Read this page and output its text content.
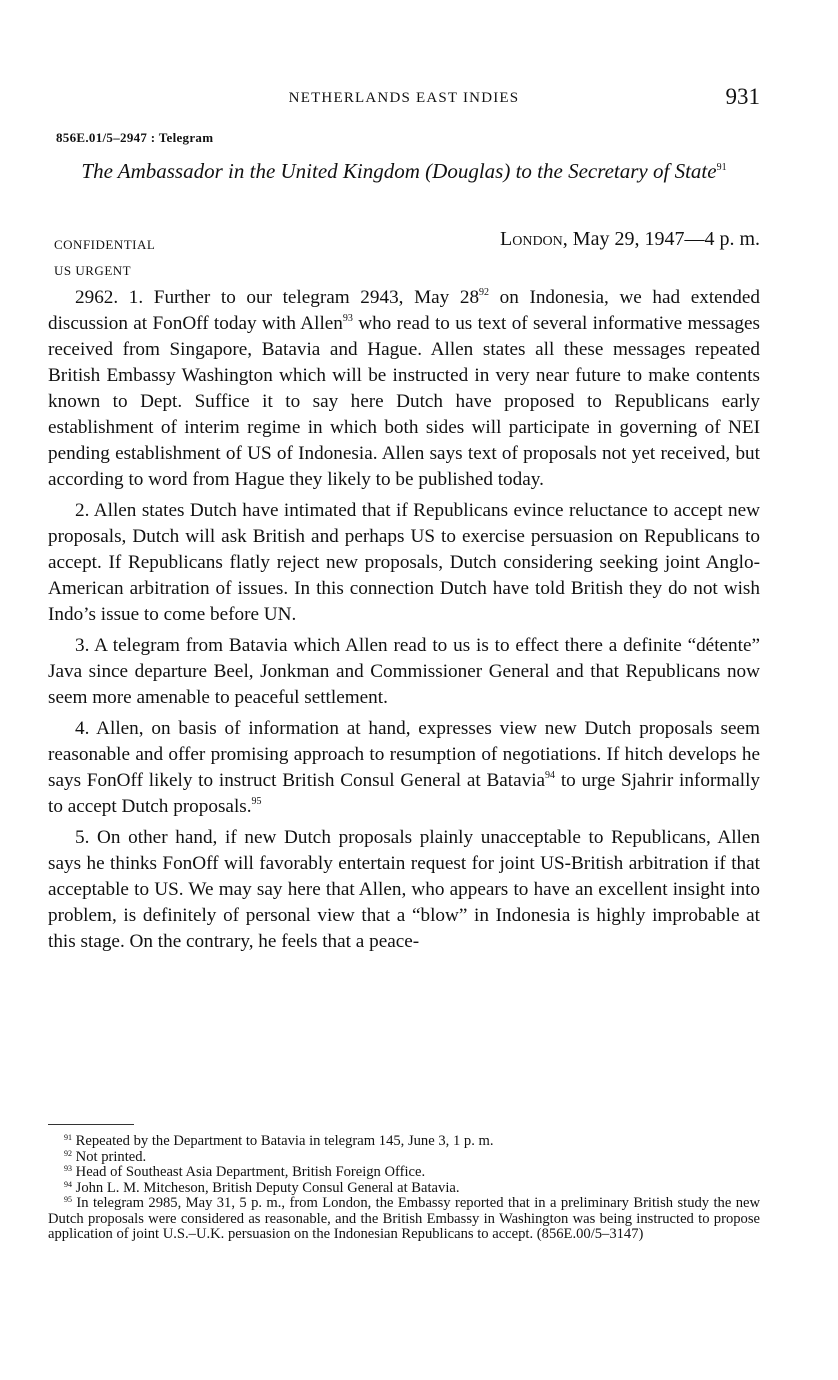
NETHERLANDS EAST INDIES	931
856E.01/5–2947 : Telegram
The Ambassador in the United Kingdom (Douglas) to the Secretary of State$^{91}$
CONFIDENTIAL
US URGENT
London, May 29, 1947—4 p. m.

2962. 1. Further to our telegram 2943, May $28^{92}$ on Indonesia, we had extended discussion at FonOff today with Allen$^{93}$ who read to us text of several informative messages received from Singapore, Batavia and Hague. Allen states all these messages repeated British Embassy Washington which will be instructed in very near future to make contents known to Dept. Suffice it to say here Dutch have proposed to Republicans early establishment of interim regime in which both sides will participate in governing of NEI pending establishment of US of Indonesia. Allen says text of proposals not yet received, but according to word from Hague they likely to be published today.

2. Allen states Dutch have intimated that if Republicans evince reluctance to accept new proposals, Dutch will ask British and perhaps US to exercise persuasion on Republicans to accept. If Republicans flatly reject new proposals, Dutch considering seeking joint Anglo-American arbitration of issues. In this connection Dutch have told British they do not wish Indo’s issue to come before UN.

3. A telegram from Batavia which Allen read to us is to effect there a definite “détente” Java since departure Beel, Jonkman and Commissioner General and that Republicans now seem more amenable to peaceful settlement.

4. Allen, on basis of information at hand, expresses view new Dutch proposals seem reasonable and offer promising approach to resumption of negotiations. If hitch develops he says FonOff likely to instruct British Consul General at Batavia$^{94}$ to urge Sjahrir informally to accept Dutch proposals.$^{95}$

5. On other hand, if new Dutch proposals plainly unacceptable to Republicans, Allen says he thinks FonOff will favorably entertain request for joint US-British arbitration if that acceptable to US. We may say here that Allen, who appears to have an excellent insight into problem, is definitely of personal view that a “blow” in Indonesia is highly improbable at this stage. On the contrary, he feels that a peace-

$^{91}$ Repeated by the Department to Batavia in telegram 145, June 3, 1 p. m.
$^{92}$ Not printed.
$^{93}$ Head of Southeast Asia Department, British Foreign Office.
$^{94}$ John L. M. Mitcheson, British Deputy Consul General at Batavia.
$^{95}$ In telegram 2985, May 31, 5 p. m., from London, the Embassy reported that in a preliminary British study the new Dutch proposals were considered as reasonable, and the British Embassy in Washington was being instructed to propose application of joint U.S.–U.K. persuasion on the Indonesian Republicans to accept. (856E.00/5–3147)
